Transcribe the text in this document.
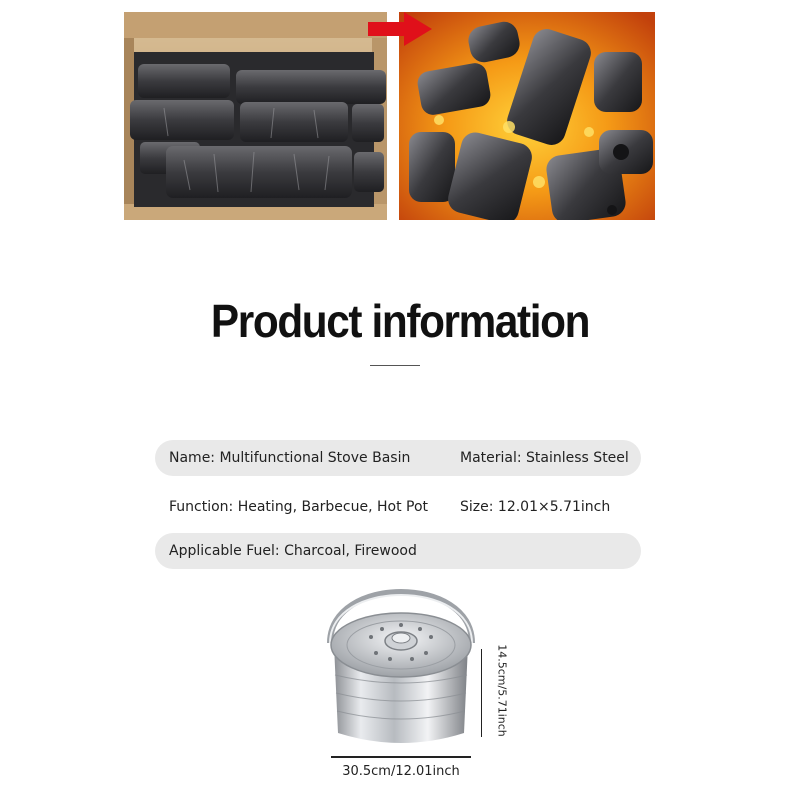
Product information
Name: Multifunctional Stove Basin	Material: Stainless Steel
Function: Heating, Barbecue, Hot Pot Size: 12.01×5.71inch
Applicable Fuel: Charcoal, Firewood
14.5cm/5.71inch
30.5cm/12.01inch
